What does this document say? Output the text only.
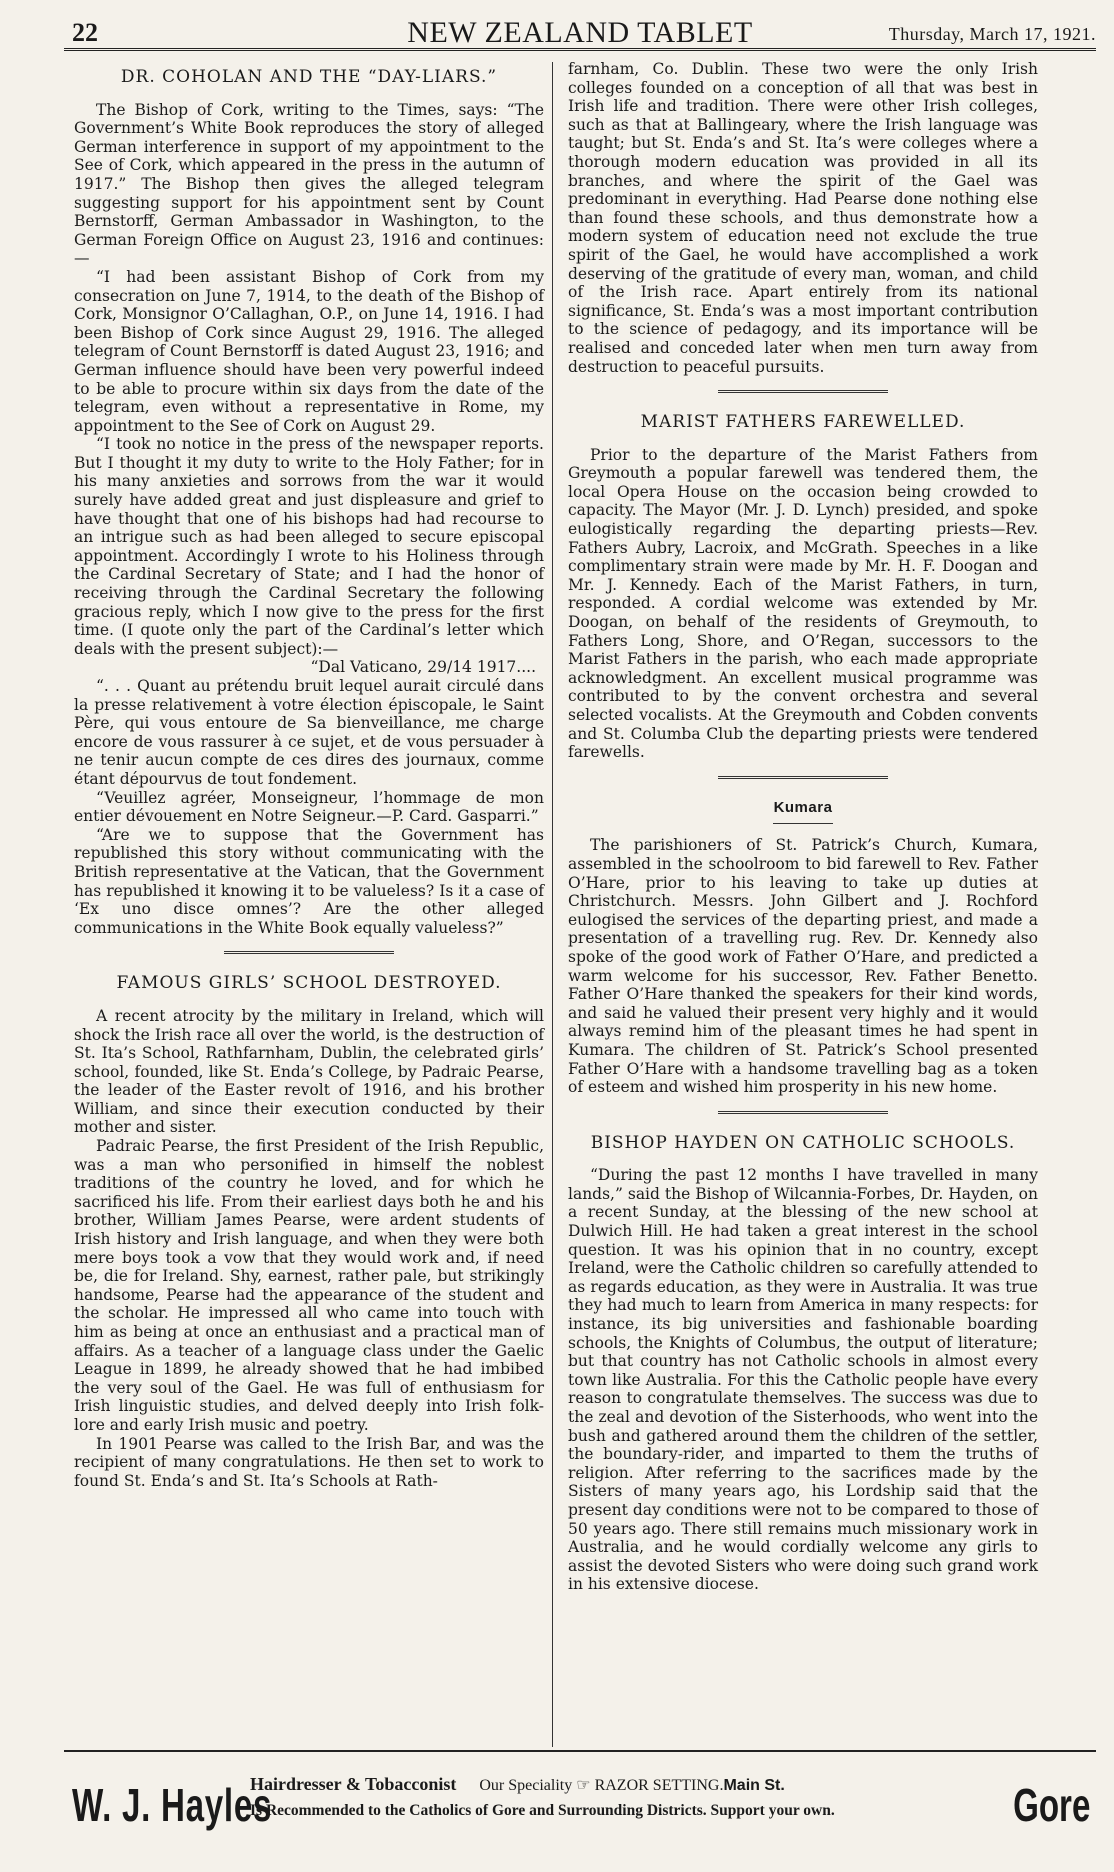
22	NEW ZEALAND TABLET	Thursday, March 17, 1921.
DR. COHOLAN AND THE “DAY-LIARS.”

The Bishop of Cork, writing to the Times, says: “The Government’s White Book reproduces the story of alleged German interference in support of my appointment to the See of Cork, which appeared in the press in the autumn of 1917.” The Bishop then gives the alleged telegram suggesting support for his appointment sent by Count Bernstorff, German Ambassador in Washington, to the German Foreign Office on August 23, 1916 and continues:—

“I had been assistant Bishop of Cork from my consecration on June 7, 1914, to the death of the Bishop of Cork, Monsignor O’Callaghan, O.P., on June 14, 1916. I had been Bishop of Cork since August 29, 1916. The alleged telegram of Count Bernstorff is dated August 23, 1916; and German influence should have been very powerful indeed to be able to procure within six days from the date of the telegram, even without a representative in Rome, my appointment to the See of Cork on August 29.

“I took no notice in the press of the newspaper reports. But I thought it my duty to write to the Holy Father; for in his many anxieties and sorrows from the war it would surely have added great and just displeasure and grief to have thought that one of his bishops had had recourse to an intrigue such as had been alleged to secure episcopal appointment. Accordingly I wrote to his Holiness through the Cardinal Secretary of State; and I had the honor of receiving through the Cardinal Secretary the following gracious reply, which I now give to the press for the first time. (I quote only the part of the Cardinal’s letter which deals with the present subject):—

“Dal Vaticano, 29/14 1917....

“. . . Quant au prétendu bruit lequel aurait circulé dans la presse relativement à votre élection épiscopale, le Saint Père, qui vous entoure de Sa bienveillance, me charge encore de vous rassurer à ce sujet, et de vous persuader à ne tenir aucun compte de ces dires des journaux, comme étant dépourvus de tout fondement.

“Veuillez agréer, Monseigneur, l’hommage de mon entier dévouement en Notre Seigneur.—P. Card. Gasparri.”

“Are we to suppose that the Government has republished this story without communicating with the British representative at the Vatican, that the Government has republished it knowing it to be valueless? Is it a case of ‘Ex uno disce omnes’? Are the other alleged communications in the White Book equally valueless?”

FAMOUS GIRLS’ SCHOOL DESTROYED.

A recent atrocity by the military in Ireland, which will shock the Irish race all over the world, is the destruction of St. Ita’s School, Rathfarnham, Dublin, the celebrated girls’ school, founded, like St. Enda’s College, by Padraic Pearse, the leader of the Easter revolt of 1916, and his brother William, and since their execution conducted by their mother and sister.

Padraic Pearse, the first President of the Irish Republic, was a man who personified in himself the noblest traditions of the country he loved, and for which he sacrificed his life. From their earliest days both he and his brother, William James Pearse, were ardent students of Irish history and Irish language, and when they were both mere boys took a vow that they would work and, if need be, die for Ireland. Shy, earnest, rather pale, but strikingly handsome, Pearse had the appearance of the student and the scholar. He impressed all who came into touch with him as being at once an enthusiast and a practical man of affairs. As a teacher of a language class under the Gaelic League in 1899, he already showed that he had imbibed the very soul of the Gael. He was full of enthusiasm for Irish linguistic studies, and delved deeply into Irish folk-lore and early Irish music and poetry.

In 1901 Pearse was called to the Irish Bar, and was the recipient of many congratulations. He then set to work to found St. Enda’s and St. Ita’s Schools at Rath-

farnham, Co. Dublin. These two were the only Irish colleges founded on a conception of all that was best in Irish life and tradition. There were other Irish colleges, such as that at Ballingeary, where the Irish language was taught; but St. Enda’s and St. Ita’s were colleges where a thorough modern education was provided in all its branches, and where the spirit of the Gael was predominant in everything. Had Pearse done nothing else than found these schools, and thus demonstrate how a modern system of education need not exclude the true spirit of the Gael, he would have accomplished a work deserving of the gratitude of every man, woman, and child of the Irish race. Apart entirely from its national significance, St. Enda’s was a most important contribution to the science of pedagogy, and its importance will be realised and conceded later when men turn away from destruction to peaceful pursuits.

MARIST FATHERS FAREWELLED.

Prior to the departure of the Marist Fathers from Greymouth a popular farewell was tendered them, the local Opera House on the occasion being crowded to capacity. The Mayor (Mr. J. D. Lynch) presided, and spoke eulogistically regarding the departing priests—Rev. Fathers Aubry, Lacroix, and McGrath. Speeches in a like complimentary strain were made by Mr. H. F. Doogan and Mr. J. Kennedy. Each of the Marist Fathers, in turn, responded. A cordial welcome was extended by Mr. Doogan, on behalf of the residents of Greymouth, to Fathers Long, Shore, and O’Regan, successors to the Marist Fathers in the parish, who each made appropriate acknowledgment. An excellent musical programme was contributed to by the convent orchestra and several selected vocalists. At the Greymouth and Cobden convents and St. Columba Club the departing priests were tendered farewells.

Kumara

The parishioners of St. Patrick’s Church, Kumara, assembled in the schoolroom to bid farewell to Rev. Father O’Hare, prior to his leaving to take up duties at Christchurch. Messrs. John Gilbert and J. Rochford eulogised the services of the departing priest, and made a presentation of a travelling rug. Rev. Dr. Kennedy also spoke of the good work of Father O’Hare, and predicted a warm welcome for his successor, Rev. Father Benetto. Father O’Hare thanked the speakers for their kind words, and said he valued their present very highly and it would always remind him of the pleasant times he had spent in Kumara. The children of St. Patrick’s School presented Father O’Hare with a handsome travelling bag as a token of esteem and wished him prosperity in his new home.

BISHOP HAYDEN ON CATHOLIC SCHOOLS.

“During the past 12 months I have travelled in many lands,” said the Bishop of Wilcannia-Forbes, Dr. Hayden, on a recent Sunday, at the blessing of the new school at Dulwich Hill. He had taken a great interest in the school question. It was his opinion that in no country, except Ireland, were the Catholic children so carefully attended to as regards education, as they were in Australia. It was true they had much to learn from America in many respects: for instance, its big universities and fashionable boarding schools, the Knights of Columbus, the output of literature; but that country has not Catholic schools in almost every town like Australia. For this the Catholic people have every reason to congratulate themselves. The success was due to the zeal and devotion of the Sisterhoods, who went into the bush and gathered around them the children of the settler, the boundary-rider, and imparted to them the truths of religion. After referring to the sacrifices made by the Sisters of many years ago, his Lordship said that the present day conditions were not to be compared to those of 50 years ago. There still remains much missionary work in Australia, and he would cordially welcome any girls to assist the devoted Sisters who were doing such grand work in his extensive diocese.

W. J. Hayles
Hairdresser & Tobacconist Our Speciality ☞ RAZOR SETTING.Main St.
Is Recommended to the Catholics of Gore and Surrounding Districts. Support your own.	Gore
